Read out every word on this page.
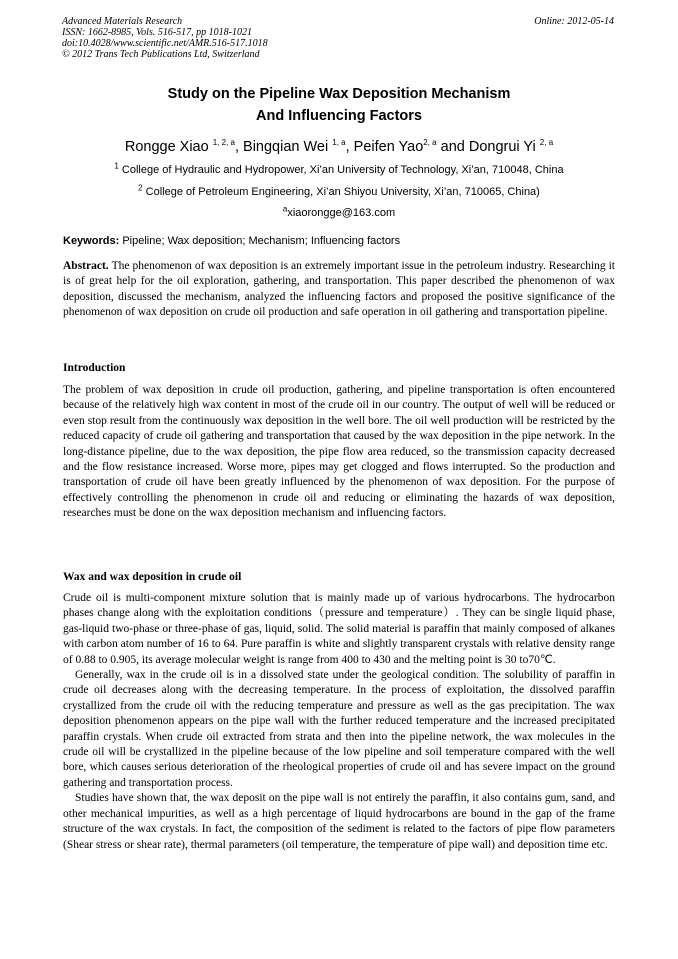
Advanced Materials Research
ISSN: 1662-8985, Vols. 516-517, pp 1018-1021
doi:10.4028/www.scientific.net/AMR.516-517.1018
© 2012 Trans Tech Publications Ltd, Switzerland
Online: 2012-05-14
Study on the Pipeline Wax Deposition Mechanism
And Influencing Factors
Rongge Xiao $^{1, 2, a}$, Bingqian Wei $^{1, a}$, Peifen Yao$^{2, a}$ and Dongrui Yi $^{2, a}$
$^1$ College of Hydraulic and Hydropower, Xi’an University of Technology, Xi’an, 710048, China
$^2$ College of Petroleum Engineering, Xi’an Shiyou University, Xi’an, 710065, China)
$^a$xiaorongge@163.com
Keywords: Pipeline; Wax deposition; Mechanism; Influencing factors
Abstract. The phenomenon of wax deposition is an extremely important issue in the petroleum industry. Researching it is of great help for the oil exploration, gathering, and transportation. This paper described the phenomenon of wax deposition, discussed the mechanism, analyzed the influencing factors and proposed the positive significance of the phenomenon of wax deposition on crude oil production and safe operation in oil gathering and transportation pipeline.
Introduction
The problem of wax deposition in crude oil production, gathering, and pipeline transportation is often encountered because of the relatively high wax content in most of the crude oil in our country. The output of well will be reduced or even stop result from the continuously wax deposition in the well bore. The oil well production will be restricted by the reduced capacity of crude oil gathering and transportation that caused by the wax deposition in the pipe network. In the long-distance pipeline, due to the wax deposition, the pipe flow area reduced, so the transmission capacity decreased and the flow resistance increased. Worse more, pipes may get clogged and flows interrupted. So the production and transportation of crude oil have been greatly influenced by the phenomenon of wax deposition. For the purpose of effectively controlling the phenomenon in crude oil and reducing or eliminating the hazards of wax deposition, researches must be done on the wax deposition mechanism and influencing factors.
Wax and wax deposition in crude oil

Crude oil is multi-component mixture solution that is mainly made up of various hydrocarbons. The hydrocarbon phases change along with the exploitation conditions（pressure and temperature）. They can be single liquid phase, gas-liquid two-phase or three-phase of gas, liquid, solid. The solid material is paraffin that mainly composed of alkanes with carbon atom number of 16 to 64. Pure paraffin is white and slightly transparent crystals with relative density range of 0.88 to 0.905, its average molecular weight is range from 400 to 430 and the melting point is 30 to70℃.

Generally, wax in the crude oil is in a dissolved state under the geological condition. The solubility of paraffin in crude oil decreases along with the decreasing temperature. In the process of exploitation, the dissolved paraffin crystallized from the crude oil with the reducing temperature and pressure as well as the gas precipitation. The wax deposition phenomenon appears on the pipe wall with the further reduced temperature and the increased precipitated paraffin crystals. When crude oil extracted from strata and then into the pipeline network, the wax molecules in the crude oil will be crystallized in the pipeline because of the low pipeline and soil temperature compared with the well bore, which causes serious deterioration of the rheological properties of crude oil and has severe impact on the ground gathering and transportation process.

Studies have shown that, the wax deposit on the pipe wall is not entirely the paraffin, it also contains gum, sand, and other mechanical impurities, as well as a high percentage of liquid hydrocarbons are bound in the gap of the frame structure of the wax crystals. In fact, the composition of the sediment is related to the factors of pipe flow parameters (Shear stress or shear rate), thermal parameters (oil temperature, the temperature of pipe wall) and deposition time etc.
